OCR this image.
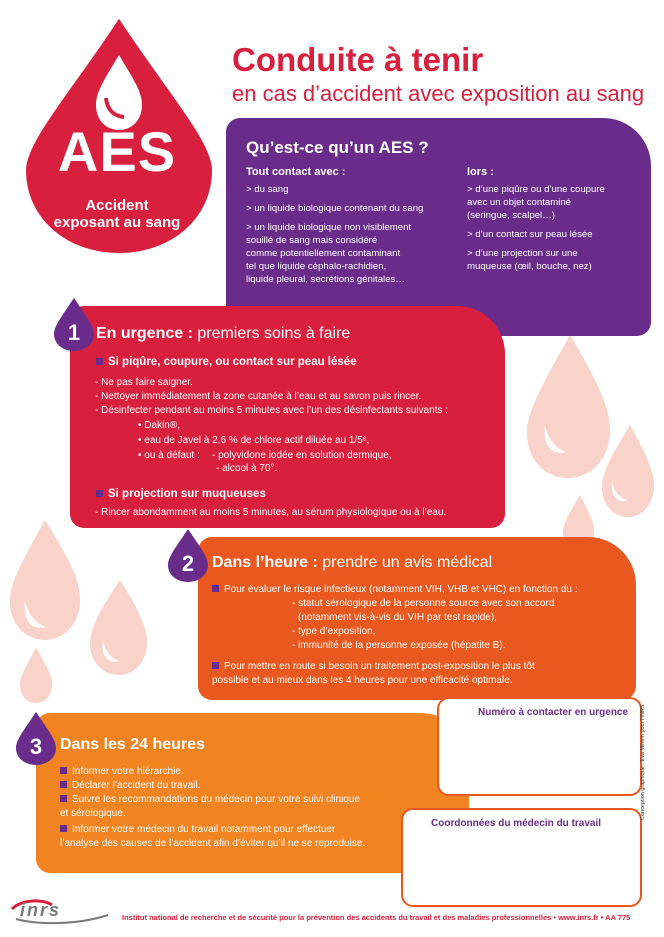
AES
Accident
exposant au sang
Conduite à tenir
en cas d’accident avec exposition au sang
Qu’est-ce qu’un AES ?
Tout contact avec :
> du sang
> un liquide biologique contenant du sang
> un liquide biologique non visiblement
souillé de sang mais considéré
comme potentiellement contaminant
tel que liquide céphalo-rachidien,
liquide pleural, secrétions génitales…
lors :
> d’une piqûre ou d’une coupure
avec un objet contaminé
(seringue, scalpel…)
> d’un contact sur peau lésée
> d’une projection sur une
muqueuse (œil, bouche, nez)
1 En urgence : premiers soins à faire
Si piqûre, coupure, ou contact sur peau lésée
- Ne pas faire saigner.
- Nettoyer immédiatement la zone cutanée à l’eau et au savon puis rincer.
- Désinfecter pendant au moins 5 minutes avec l’un des désinfectants suivants :
• Dakin®,
• eau de Javel à 2,6 % de chlore actif diluée au 1/5ᵉ,
• ou à défaut : - polyvidone iodée en solution dermique,
- alcool à 70°.
Si projection sur muqueuses
- Rincer abondamment au moins 5 minutes, au sérum physiologique ou à l’eau.
2	Dans l’heure : prendre un avis médical
Pour évaluer le risque infectieux (notamment VIH, VHB et VHC) en fonction du :
- statut sérologique de la personne source avec son accord
(notamment vis-à-vis du VIH par test rapide),
- type d’exposition,
- immunité de la personne exposée (hépatite B).
Pour mettre en route si besoin un traitement post-exposition le plus tôt
possible et au mieux dans les 4 heures pour une efficacité optimale.
3	Dans les 24 heures
Informer votre hiérarchie.
Déclarer l’accident du travail.
Suivre les recommandations du médecin pour votre suivi clinique
et sérologique.
Informer votre médecin du travail notamment pour effectuer
l’analyse des causes de l’accident afin d’éviter qu’il ne se reproduise.
Numéro à contacter en urgence
Coordonnées du médecin du travail
inrs	Institut national de recherche et de sécurité pour la prévention des accidents du travail et des maladies professionnelles • www.inrs.fr • AA 775
Conception graphique : Eva Minem pour l’INRS
